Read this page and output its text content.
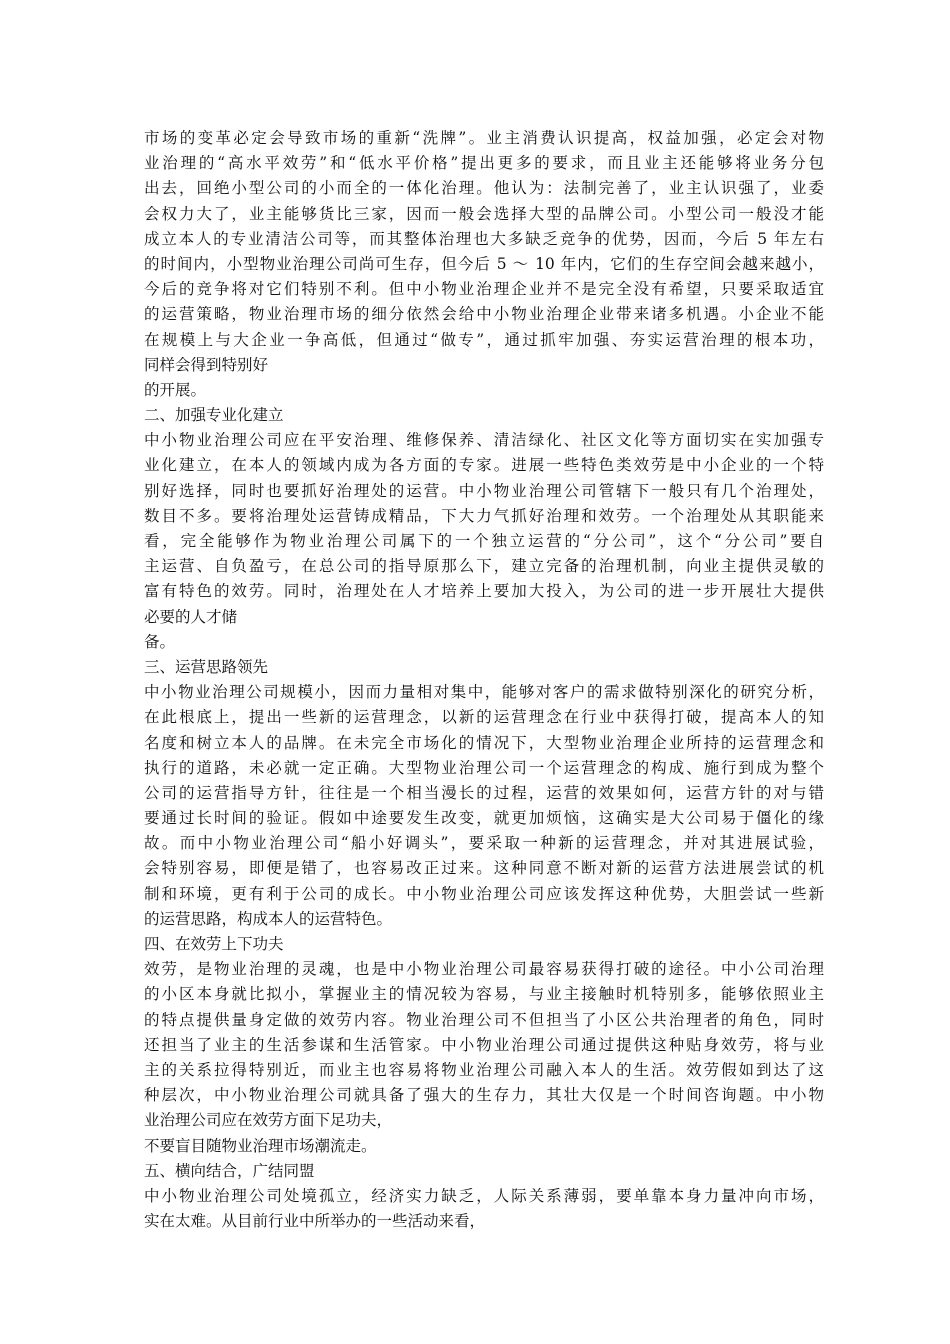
市场的变革必定会导致市场的重新“洗牌”。业主消费认识提高，权益加强，必定会对物
业治理的“高水平效劳”和“低水平价格”提出更多的要求，而且业主还能够将业务分包
出去，回绝小型公司的小而全的一体化治理。他认为：法制完善了，业主认识强了，业委
会权力大了，业主能够货比三家，因而一般会选择大型的品牌公司。小型公司一般没才能
成立本人的专业清洁公司等，而其整体治理也大多缺乏竞争的优势，因而，今后 5 年左右
的时间内，小型物业治理公司尚可生存，但今后 5 ～ 10 年内，它们的生存空间会越来越小，
今后的竞争将对它们特别不利。但中小物业治理企业并不是完全没有希望，只要采取适宜
的运营策略，物业治理市场的细分依然会给中小物业治理企业带来诸多机遇。小企业不能
在规模上与大企业一争高低，但通过“做专”，通过抓牢加强、夯实运营治理的根本功，
同样会得到特别好
的开展。
二、加强专业化建立
中小物业治理公司应在平安治理、维修保养、清洁绿化、社区文化等方面切实在实加强专
业化建立，在本人的领域内成为各方面的专家。进展一些特色类效劳是中小企业的一个特
别好选择，同时也要抓好治理处的运营。中小物业治理公司管辖下一般只有几个治理处，
数目不多。要将治理处运营铸成精品，下大力气抓好治理和效劳。一个治理处从其职能来
看，完全能够作为物业治理公司属下的一个独立运营的“分公司”，这个“分公司”要自
主运营、自负盈亏，在总公司的指导原那么下，建立完备的治理机制，向业主提供灵敏的
富有特色的效劳。同时，治理处在人才培养上要加大投入，为公司的进一步开展壮大提供
必要的人才储
备。
三、运营思路领先
中小物业治理公司规模小，因而力量相对集中，能够对客户的需求做特别深化的研究分析，
在此根底上，提出一些新的运营理念，以新的运营理念在行业中获得打破，提高本人的知
名度和树立本人的品牌。在未完全市场化的情况下，大型物业治理企业所持的运营理念和
执行的道路，未必就一定正确。大型物业治理公司一个运营理念的构成、施行到成为整个
公司的运营指导方针，往往是一个相当漫长的过程，运营的效果如何，运营方针的对与错
要通过长时间的验证。假如中途要发生改变，就更加烦恼，这确实是大公司易于僵化的缘
故。而中小物业治理公司“船小好调头”，要采取一种新的运营理念，并对其进展试验，
会特别容易，即便是错了，也容易改正过来。这种同意不断对新的运营方法进展尝试的机
制和环境，更有利于公司的成长。中小物业治理公司应该发挥这种优势，大胆尝试一些新
的运营思路，构成本人的运营特色。
四、在效劳上下功夫
效劳，是物业治理的灵魂，也是中小物业治理公司最容易获得打破的途径。中小公司治理
的小区本身就比拟小，掌握业主的情况较为容易，与业主接触时机特别多，能够依照业主
的特点提供量身定做的效劳内容。物业治理公司不但担当了小区公共治理者的角色，同时
还担当了业主的生活参谋和生活管家。中小物业治理公司通过提供这种贴身效劳，将与业
主的关系拉得特别近，而业主也容易将物业治理公司融入本人的生活。效劳假如到达了这
种层次，中小物业治理公司就具备了强大的生存力，其壮大仅是一个时间咨询题。中小物
业治理公司应在效劳方面下足功夫，
不要盲目随物业治理市场潮流走。
五、横向结合，广结同盟
中小物业治理公司处境孤立，经济实力缺乏，人际关系薄弱，要单靠本身力量冲向市场，
实在太难。从目前行业中所举办的一些活动来看，
